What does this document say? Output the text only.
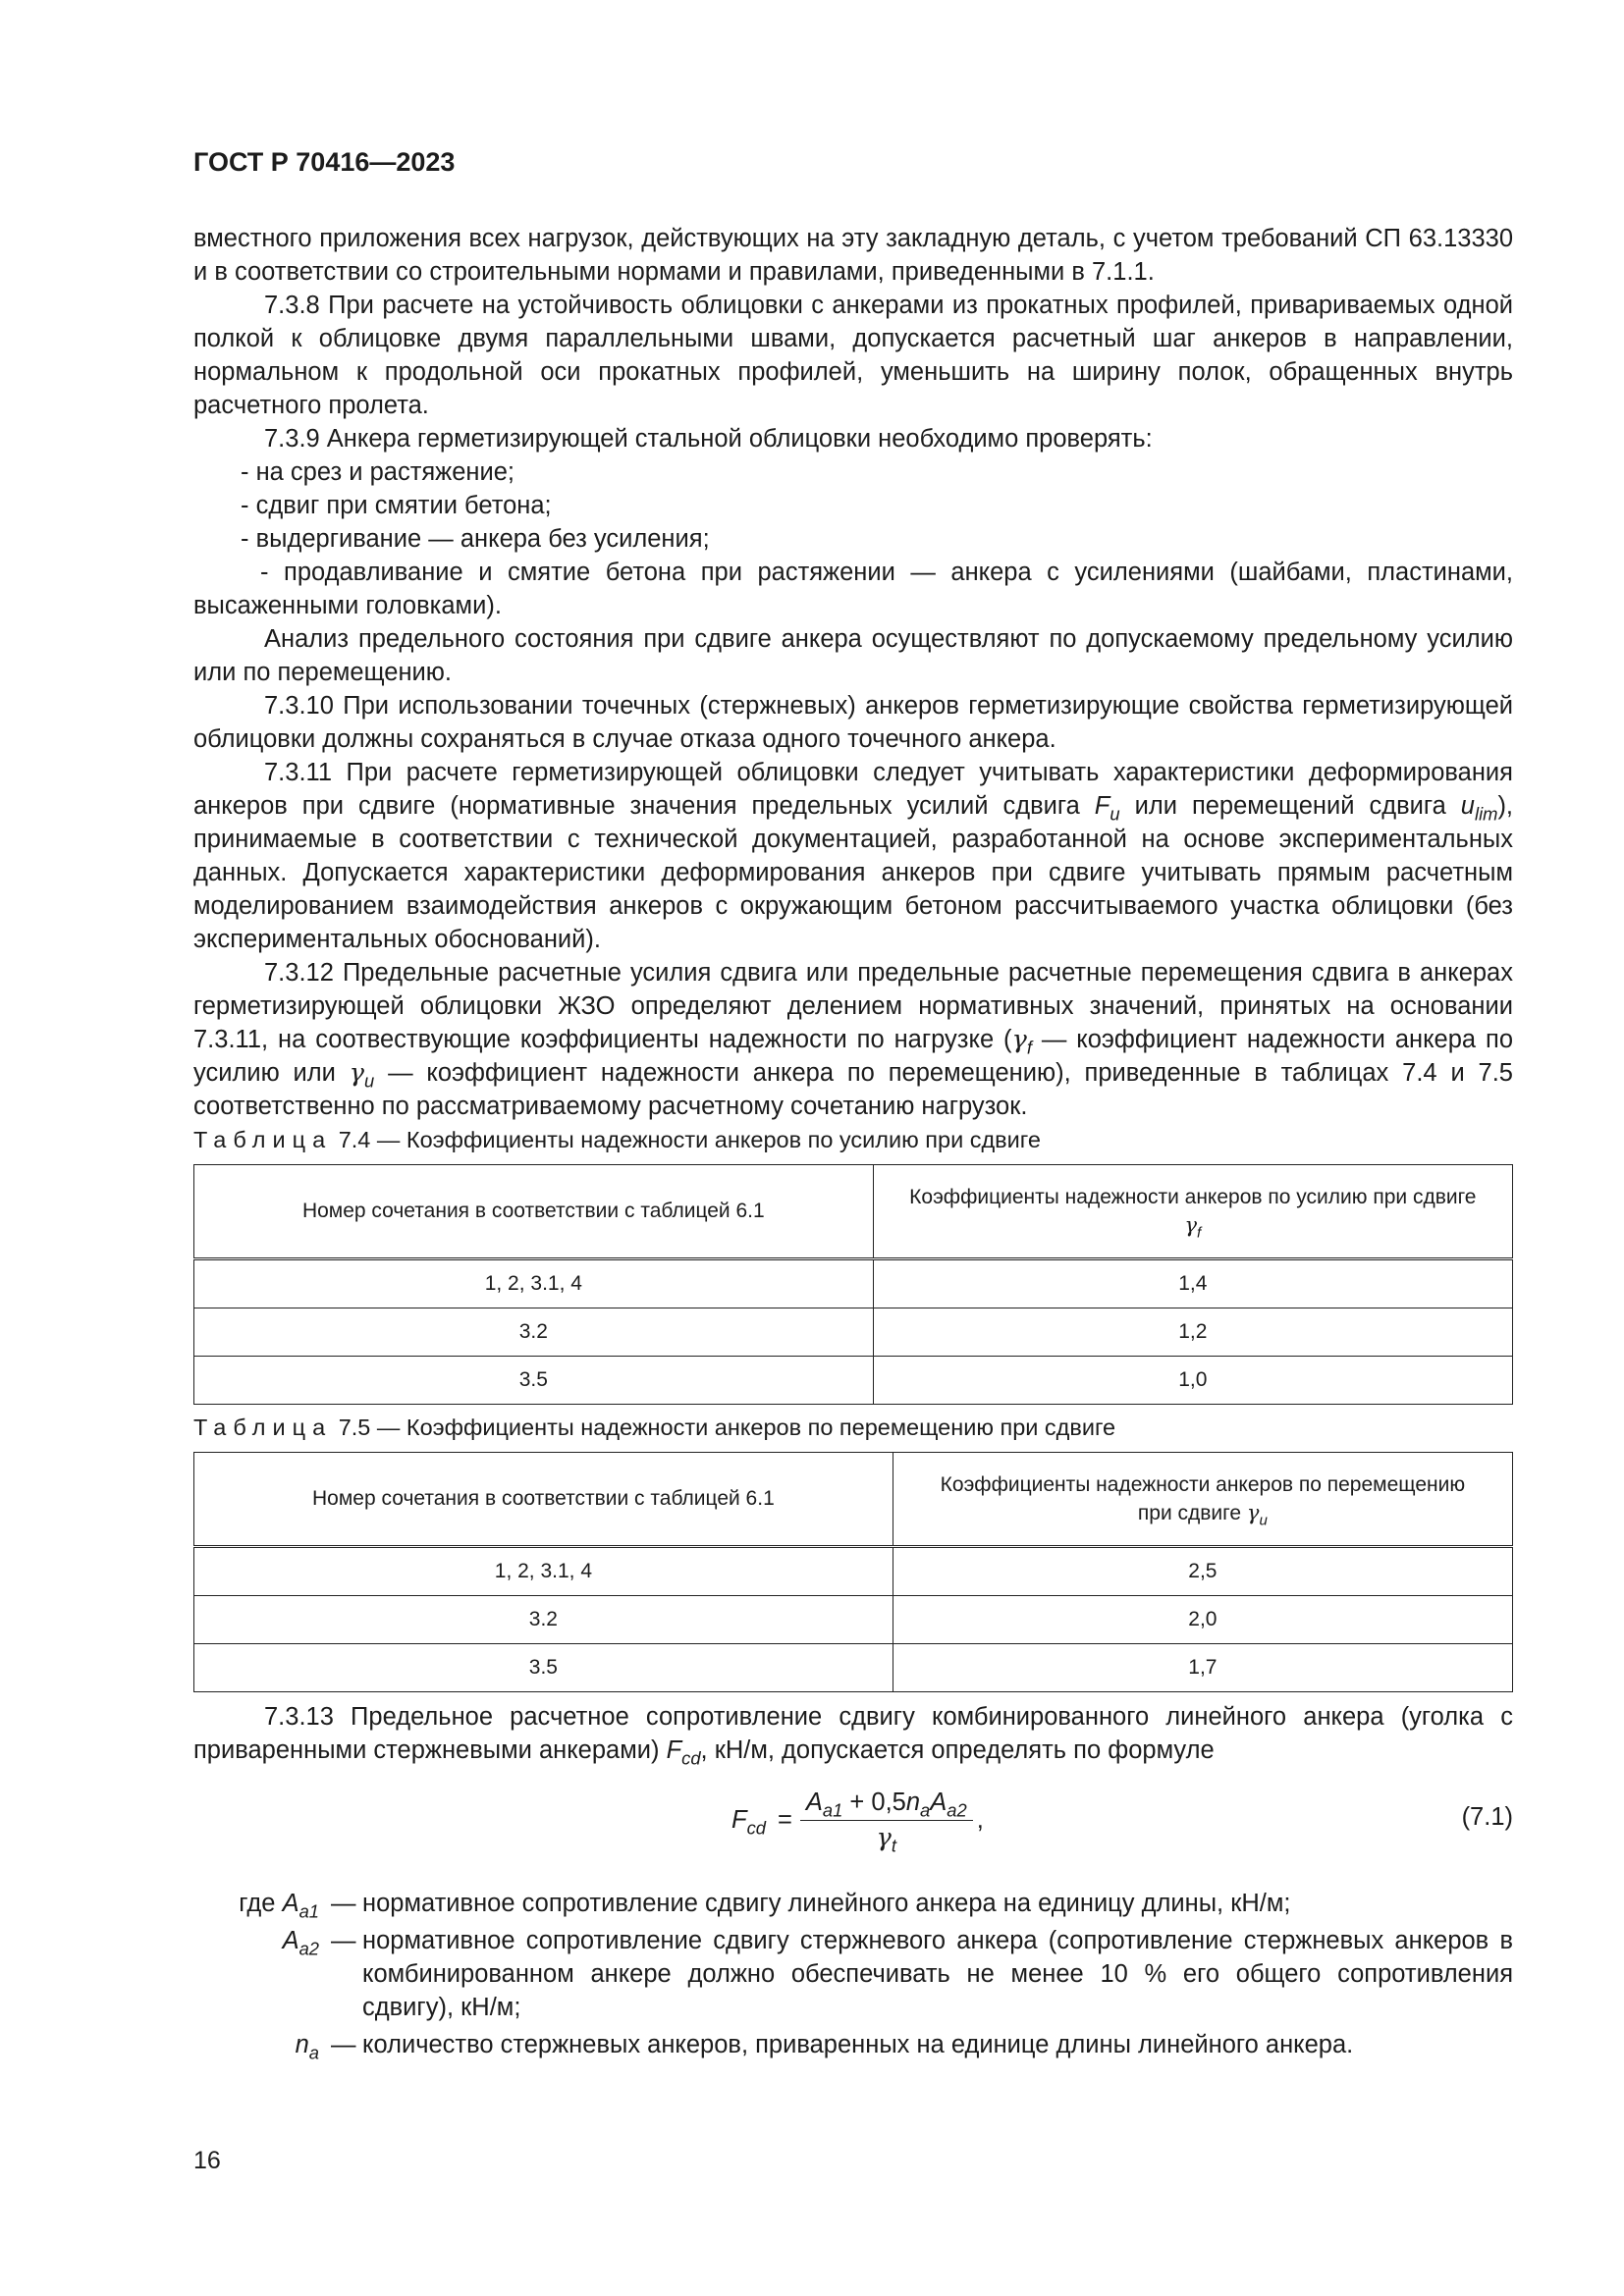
ГОСТ Р 70416—2023

вместного приложения всех нагрузок, действующих на эту закладную деталь, с учетом требований СП 63.13330 и в соответствии со строительными нормами и правилами, приведенными в 7.1.1.

7.3.8 При расчете на устойчивость облицовки с анкерами из прокатных профилей, привариваемых одной полкой к облицовке двумя параллельными швами, допускается расчетный шаг анкеров в направлении, нормальном к продольной оси прокатных профилей, уменьшить на ширину полок, обращенных внутрь расчетного пролета.

7.3.9 Анкера герметизирующей стальной облицовки необходимо проверять:

- на срез и растяжение;

- сдвиг при смятии бетона;

- выдергивание — анкера без усиления;

- продавливание и смятие бетона при растяжении — анкера с усилениями (шайбами, пластинами, высаженными головками).

Анализ предельного состояния при сдвиге анкера осуществляют по допускаемому предельному усилию или по перемещению.

7.3.10 При использовании точечных (стержневых) анкеров герметизирующие свойства герметизирующей облицовки должны сохраняться в случае отказа одного точечного анкера.

7.3.11 При расчете герметизирующей облицовки следует учитывать характеристики деформирования анкеров при сдвиге (нормативные значения предельных усилий сдвига $F_u$ или перемещений сдвига $u_{lim}$), принимаемые в соответствии с технической документацией, разработанной на основе экспериментальных данных. Допускается характеристики деформирования анкеров при сдвиге учитывать прямым расчетным моделированием взаимодействия анкеров с окружающим бетоном рассчитываемого участка облицовки (без экспериментальных обоснований).

7.3.12 Предельные расчетные усилия сдвига или предельные расчетные перемещения сдвига в анкерах герметизирующей облицовки ЖЗО определяют делением нормативных значений, принятых на основании 7.3.11, на соотвествующие коэффициенты надежности по нагрузке ($\gamma_f$ — коэффициент надежности анкера по усилию или $\gamma_u$ — коэффициент надежности анкера по перемещению), приведенные в таблицах 7.4 и 7.5 соответственно по рассматриваемому расчетному сочетанию нагрузок.

Таблица 7.4 — Коэффициенты надежности анкеров по усилию при сдвиге
Номер сочетания в соответствии с таблицей 6.1	Коэффициенты надежности анкеров по усилию при сдвиге
$\gamma_f$
1, 2, 3.1, 4	1,4
3.2	1,2
3.5	1,0
Таблица 7.5 — Коэффициенты надежности анкеров по перемещению при сдвиге
Номер сочетания в соответствии с таблицей 6.1	Коэффициенты надежности анкеров по перемещению
при сдвиге $\gamma_u$
1, 2, 3.1, 4	2,5
3.2	2,0
3.5	1,7

7.3.13 Предельное расчетное сопротивление сдвигу комбинированного линейного анкера (уголка с приваренными стержневыми анкерами) $F_{cd}$, кН/м, допускается определять по формуле

$F_{cd} = \frac{A_{a1} + 0,5n_aA_{a2}}{\gamma_t}$ ,	(7.1)
где $A_{a1}$ — нормативное сопротивление сдвигу линейного анкера на единицу длины, кН/м;
$A_{a2}$ — нормативное сопротивление сдвигу стержневого анкера (сопротивление стержневых анкеров в комбинированном анкере должно обеспечивать не менее 10 % его общего сопротивления сдвигу), кН/м;
$n_a$ — количество стержневых анкеров, приваренных на единице длины линейного анкера.
16
